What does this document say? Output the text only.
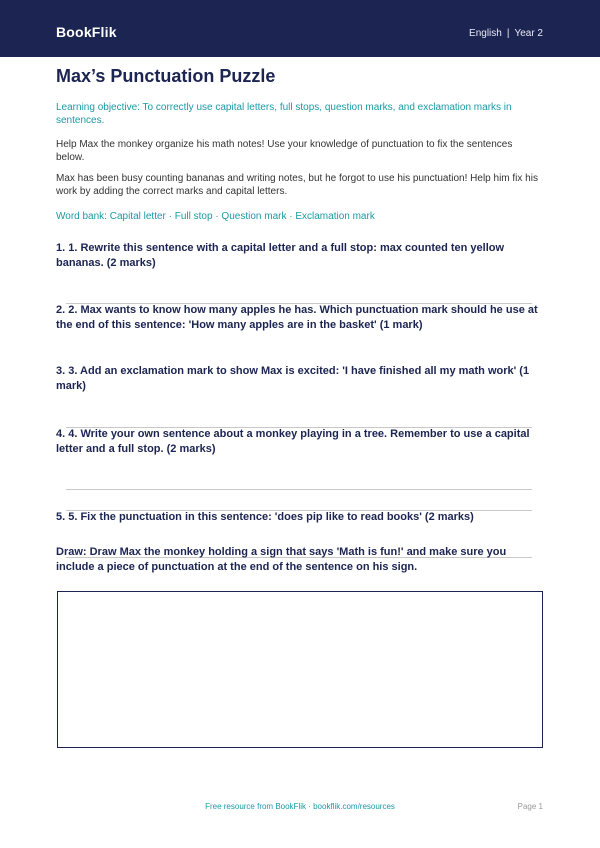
BookFlik	English | Year 2
Max’s Punctuation Puzzle
Learning objective: To correctly use capital letters, full stops, question marks, and exclamation marks in sentences.
Help Max the monkey organize his math notes! Use your knowledge of punctuation to fix the sentences below.
Max has been busy counting bananas and writing notes, but he forgot to use his punctuation! Help him fix his work by adding the correct marks and capital letters.
Word bank: Capital letter · Full stop · Question mark · Exclamation mark
1. 1. Rewrite this sentence with a capital letter and a full stop: max counted ten yellow bananas. (2 marks)
2. 2. Max wants to know how many apples he has. Which punctuation mark should he use at the end of this sentence: 'How many apples are in the basket' (1 mark)
3. 3. Add an exclamation mark to show Max is excited: 'I have finished all my math work' (1 mark)
4. 4. Write your own sentence about a monkey playing in a tree. Remember to use a capital letter and a full stop. (2 marks)
5. 5. Fix the punctuation in this sentence: 'does pip like to read books' (2 marks)
Draw: Draw Max the monkey holding a sign that says 'Math is fun!' and make sure you include a piece of punctuation at the end of the sentence on his sign.
Free resource from BookFlik · bookflik.com/resources	Page 1
